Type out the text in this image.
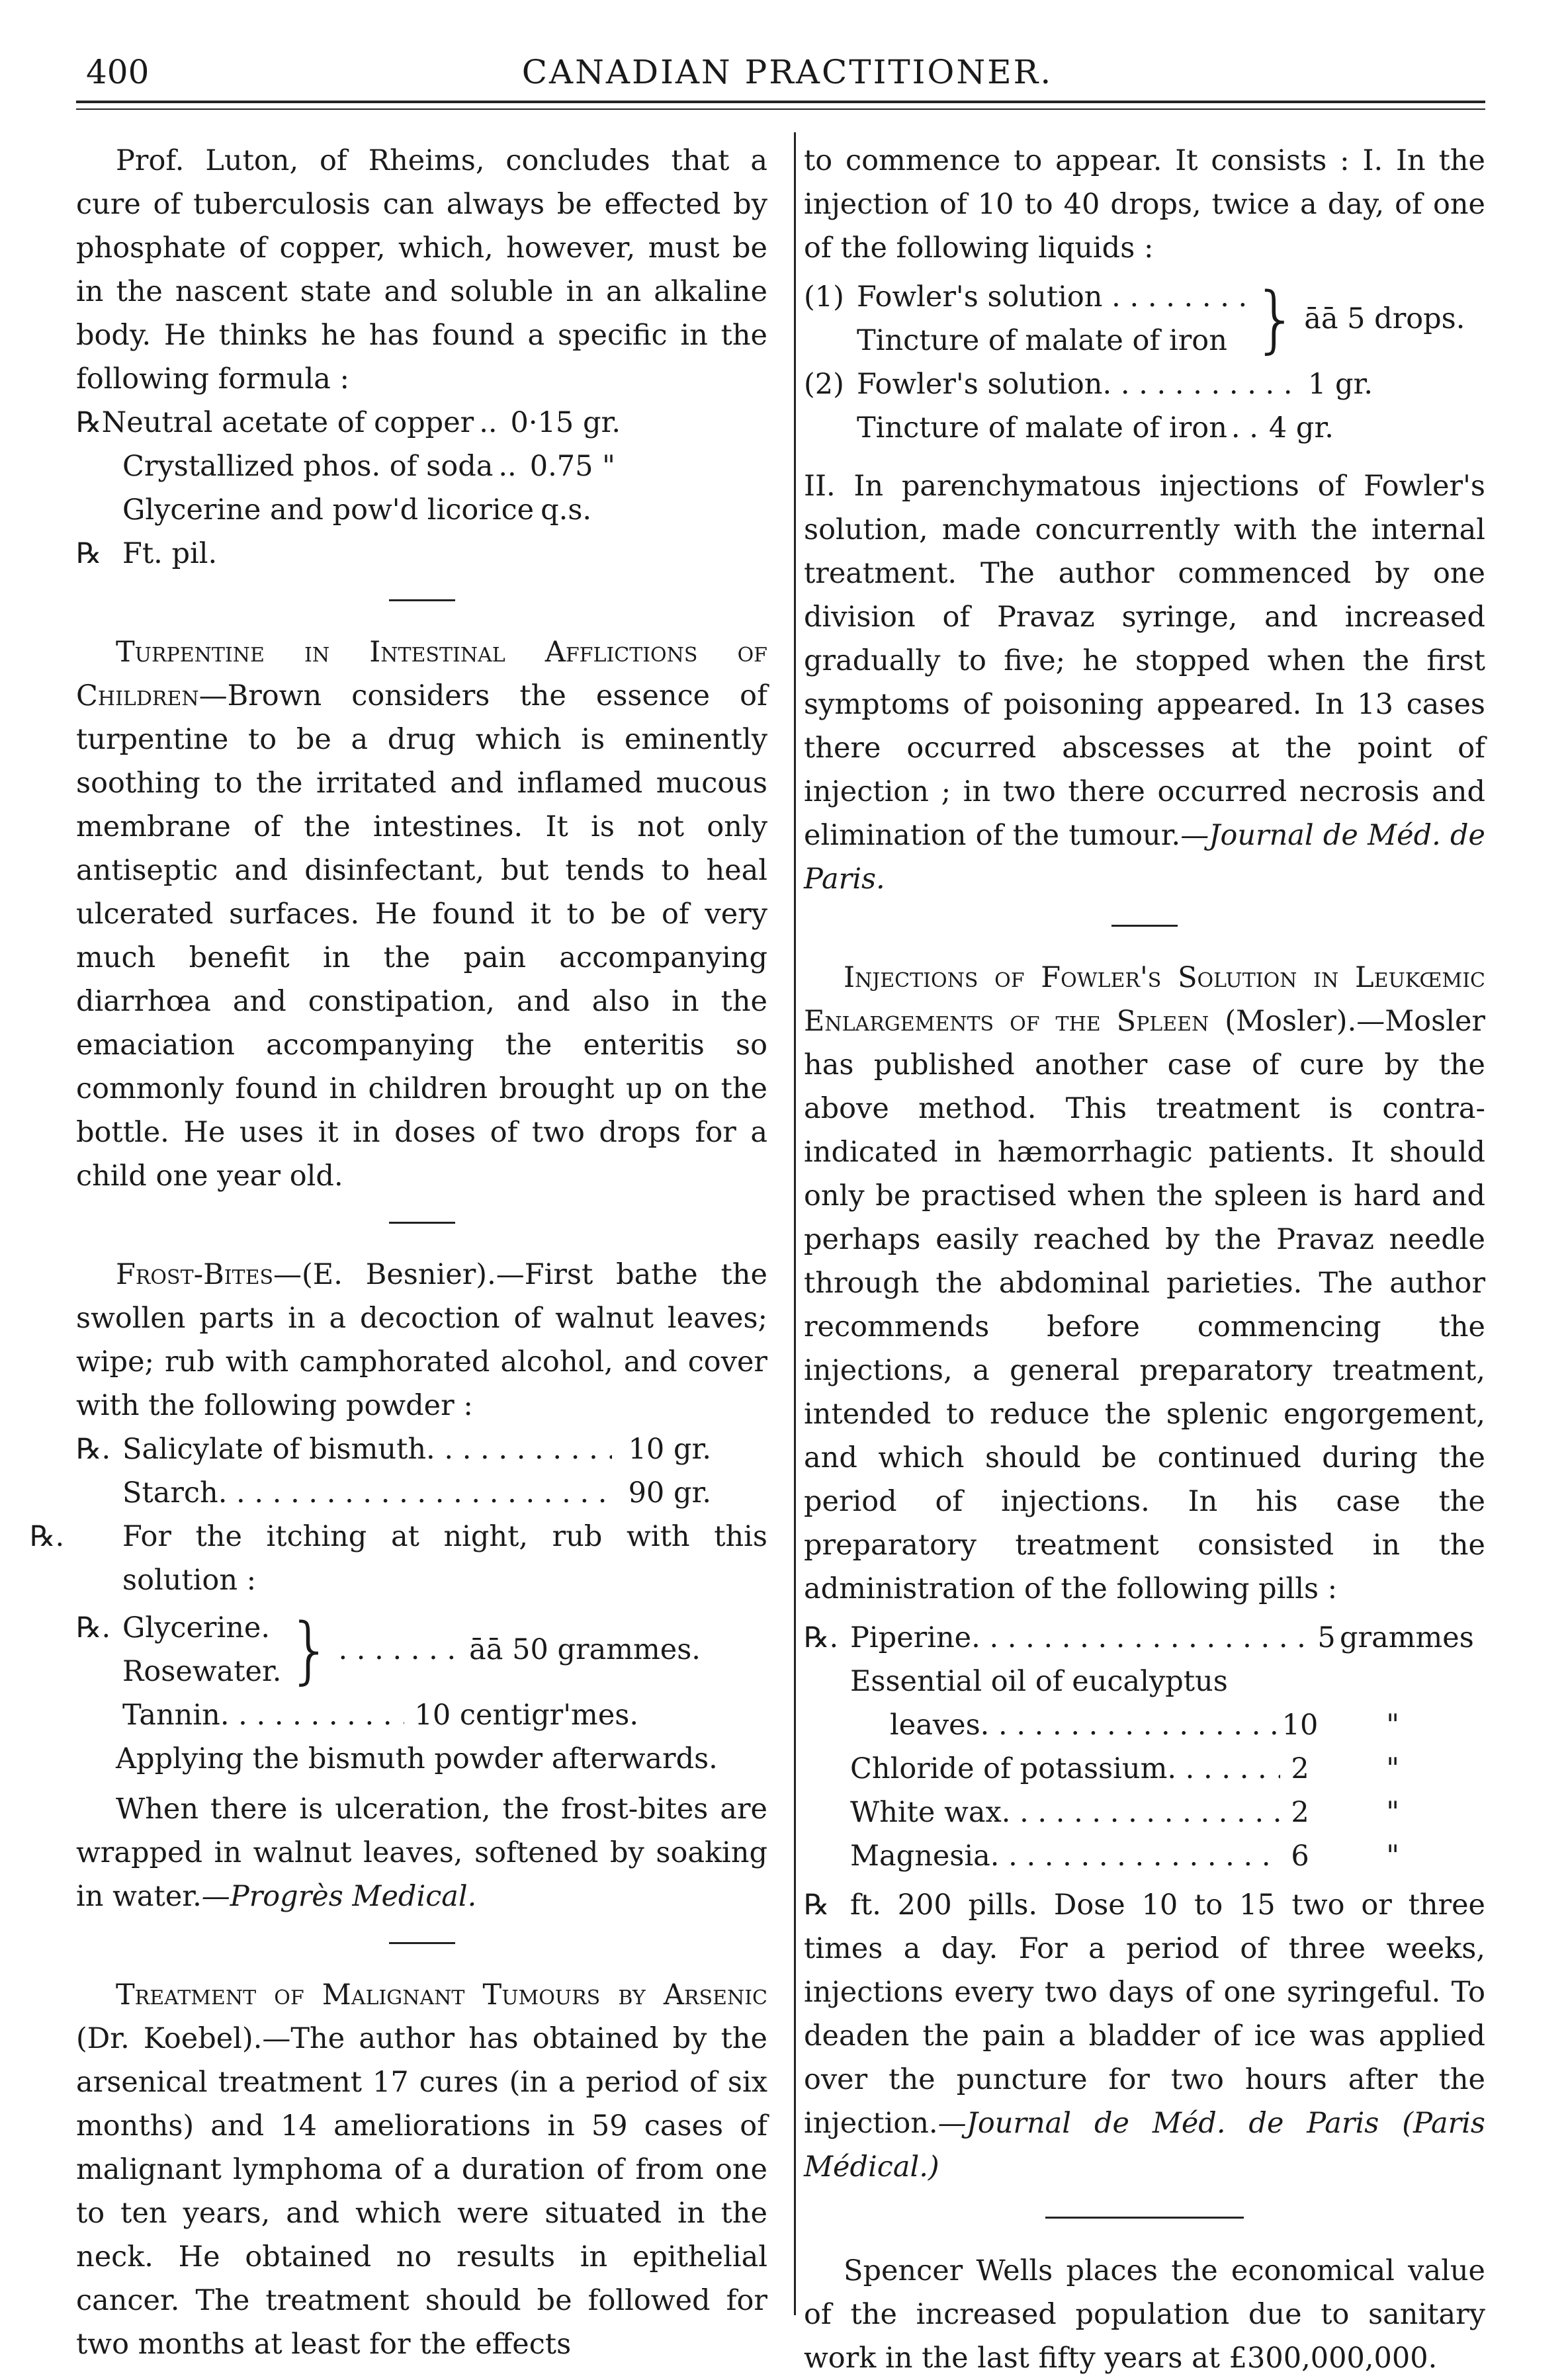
400	CANADIAN PRACTITIONER.

Prof. Luton, of Rheims, concludes that a cure of tuberculosis can always be effected by phosphate of copper, which, however, must be in the nascent state and soluble in an alkaline body. He thinks he has found a specific in the following formula :

℞ Neutral acetate of copper .. 0·15 gr.
Crystallized phos. of soda .. 0.75 "
Glycerine and pow'd licorice q.s.
℞ Ft. pil.

Turpentine in Intestinal Afflictions of Children—Brown considers the essence of turpentine to be a drug which is eminently soothing to the irritated and inflamed mucous membrane of the intestines. It is not only antiseptic and disinfectant, but tends to heal ulcerated surfaces. He found it to be of very much benefit in the pain accompanying diarrhœa and constipation, and also in the emaciation accompanying the enteritis so commonly found in children brought up on the bottle. He uses it in doses of two drops for a child one year old.

Frost-Bites—(E. Besnier).—First bathe the swollen parts in a decoction of walnut leaves; wipe; rub with camphorated alcohol, and cover with the following powder :

℞. Salicylate of bismuth . . .	10 gr.
Starch . . .	90 gr.

℞. For the itching at night, rub with this solution :

℞. Glycerine.
Rosewater. } . . . . . . . āā 50 grammes.
Tannin . . .	10 centigr'mes.

Applying the bismuth powder afterwards.

When there is ulceration, the frost-bites are wrapped in walnut leaves, softened by soaking in water.—Progrès Medical.

Treatment of Malignant Tumours by Arsenic (Dr. Koebel).—The author has obtained by the arsenical treatment 17 cures (in a period of six months) and 14 ameliorations in 59 cases of malignant lymphoma of a duration of from one to ten years, and which were situated in the neck. He obtained no results in epithelial cancer. The treatment should be followed for two months at least for the effects

to commence to appear. It consists : I. In the injection of 10 to 40 drops, twice a day, of one of the following liquids :

(1) Fowler's solution . . . . . . . .
Tincture of malate of iron } āā 5 drops.
(2) Fowler's solution . . .	1 gr.
Tincture of malate of iron . . 4 gr.

II. In parenchymatous injections of Fowler's solution, made concurrently with the internal treatment. The author commenced by one division of Pravaz syringe, and increased gradually to five; he stopped when the first symptoms of poisoning appeared. In 13 cases there occurred abscesses at the point of injection ; in two there occurred necrosis and elimination of the tumour.—Journal de Méd. de Paris.

Injections of Fowler's Solution in Leukœmic Enlargements of the Spleen (Mosler).—Mosler has published another case of cure by the above method. This treatment is contra-indicated in hæmorrhagic patients. It should only be practised when the spleen is hard and perhaps easily reached by the Pravaz needle through the abdominal parieties. The author recommends before commencing the injections, a general preparatory treatment, intended to reduce the splenic engorgement, and which should be continued during the period of injections. In his case the preparatory treatment consisted in the administration of the following pills :

℞. Piperine . . .	5 grammes
Essential oil of eucalyptus
leaves . . .	10	"
Chloride of potassium . . .	2	"
White wax . . .	2	"
Magnesia . . .	6	"

℞ ft. 200 pills. Dose 10 to 15 two or three times a day. For a period of three weeks, injections every two days of one syringeful. To deaden the pain a bladder of ice was applied over the puncture for two hours after the injection.—Journal de Méd. de Paris (Paris Médical.)

Spencer Wells places the economical value of the increased population due to sanitary work in the last fifty years at £300,000,000.
